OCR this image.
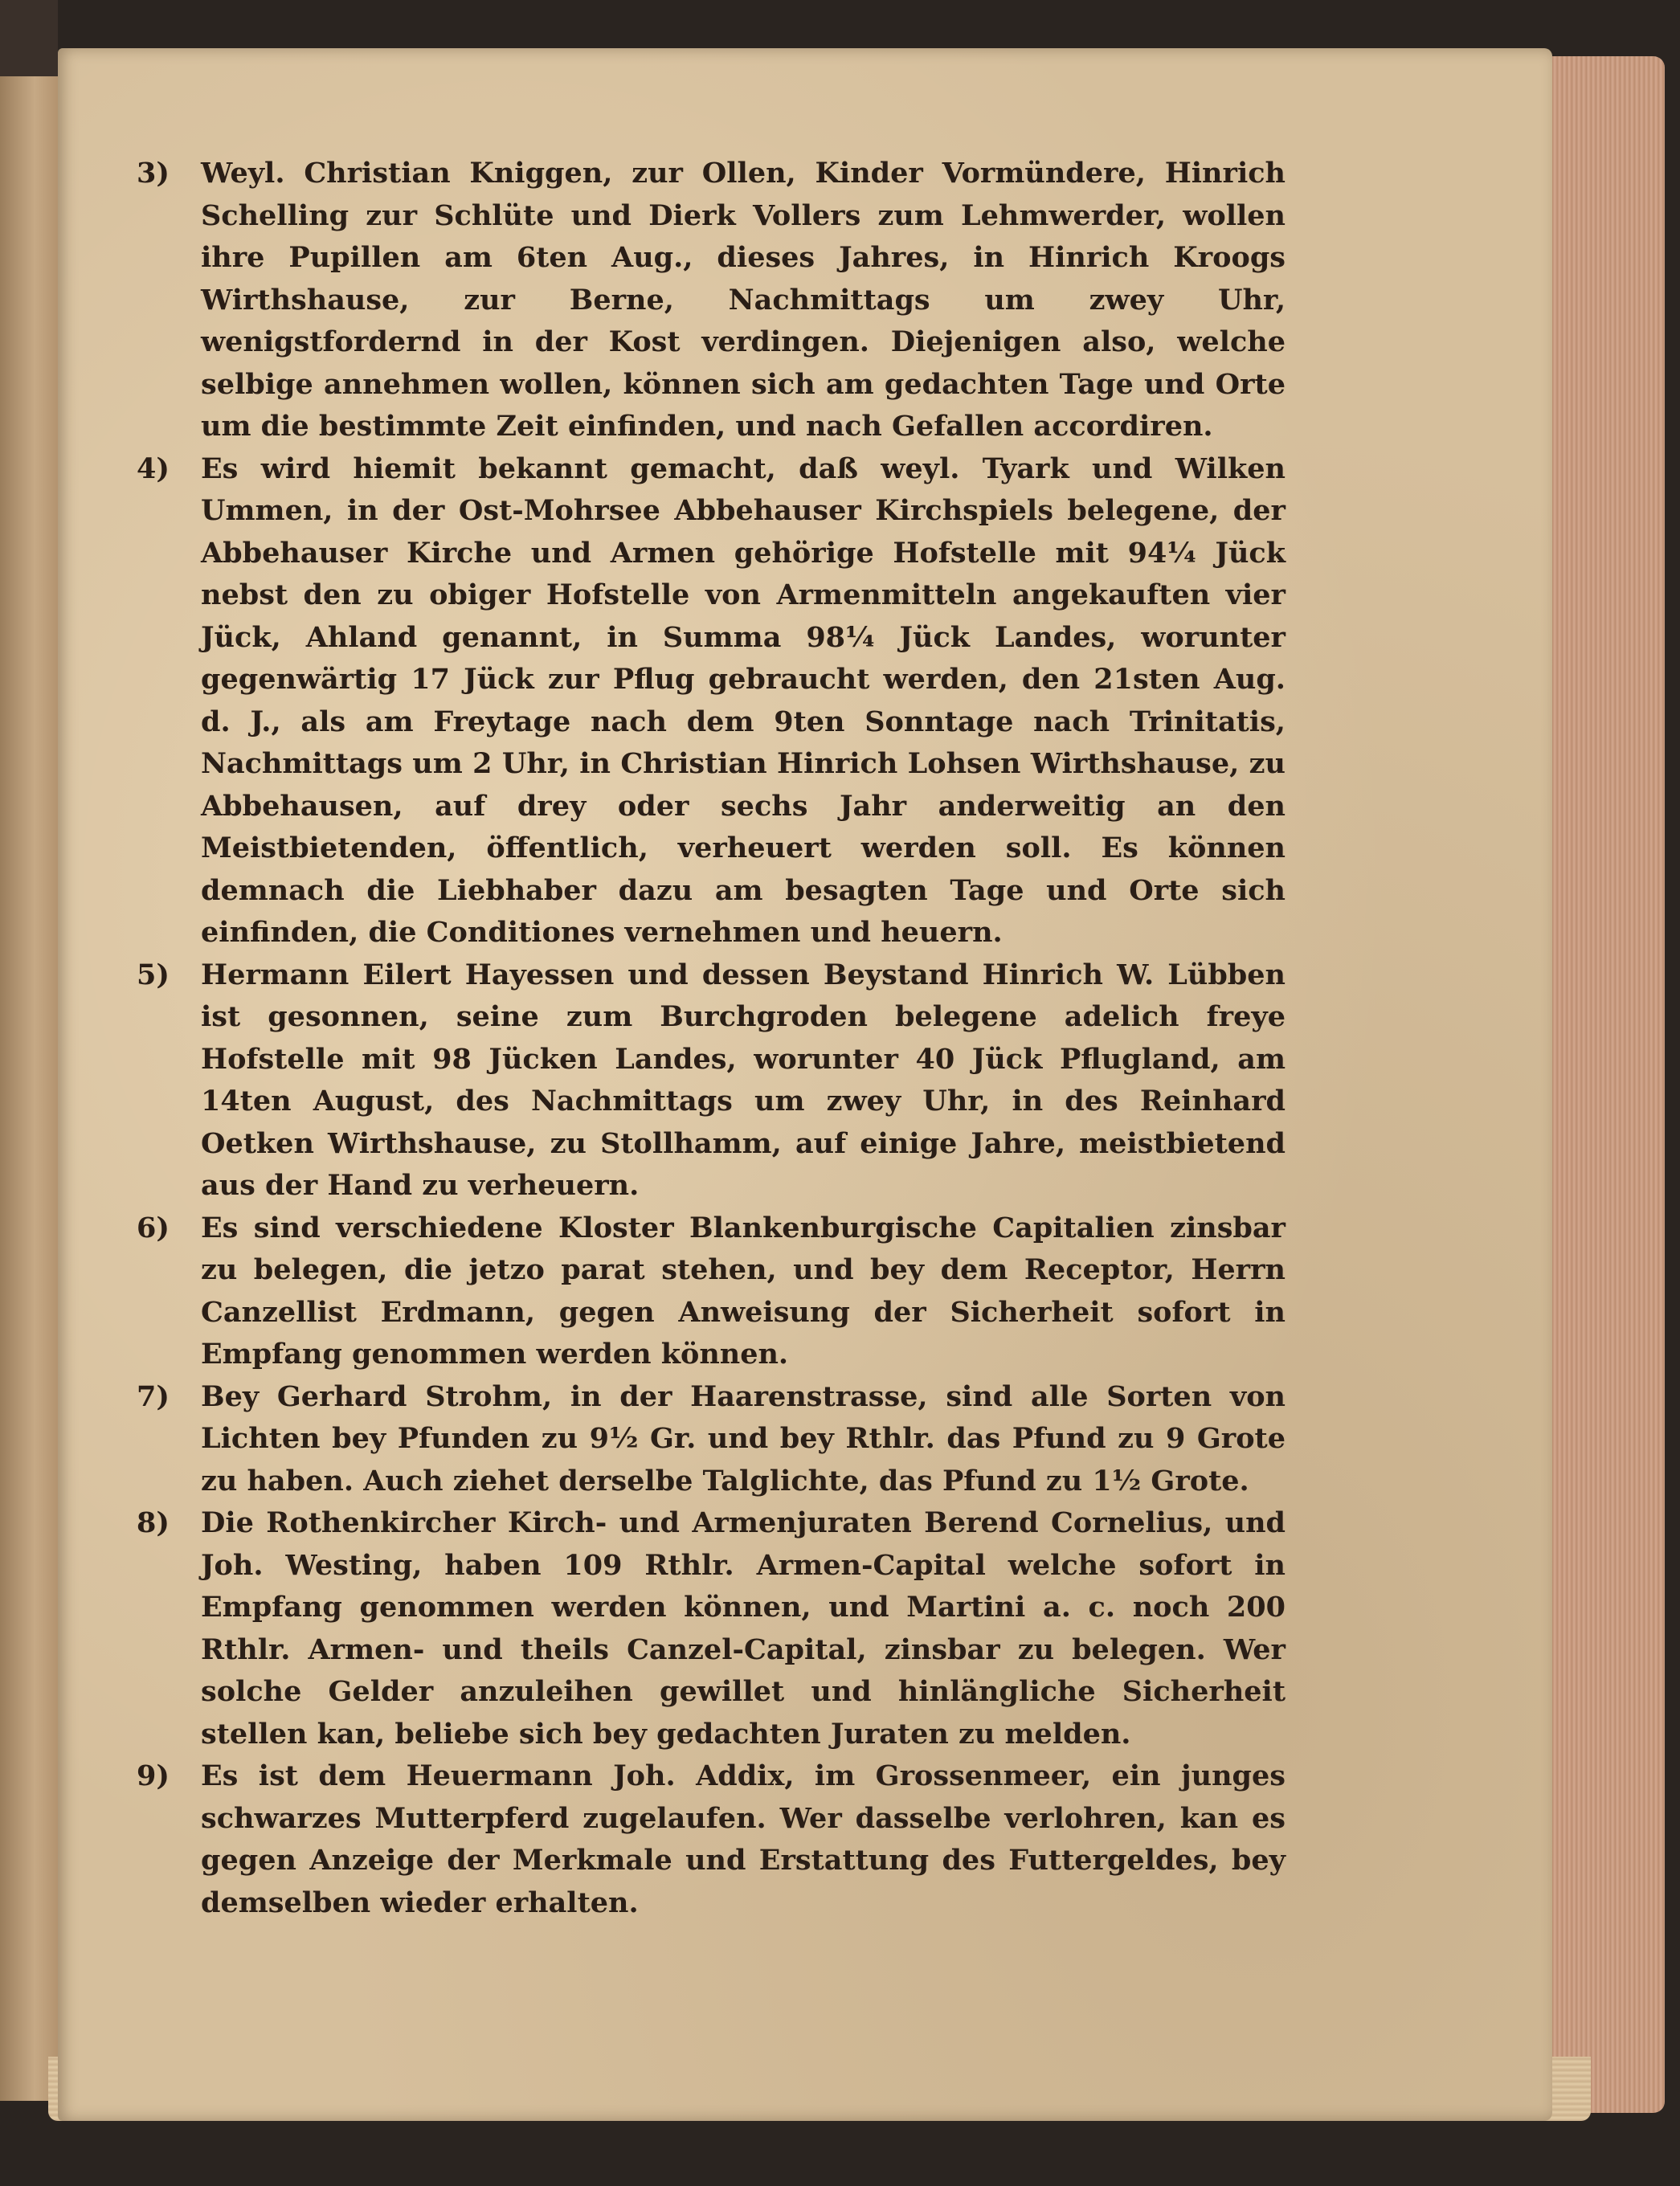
3)	Weyl. Christian Kniggen, zur Ollen, Kinder Vormündere, Hinrich Schelling zur Schlüte und Dierk Vollers zum Lehmwerder, wollen ihre Pupillen am 6ten Aug., dieses Jahres, in Hinrich Kroogs Wirthshause, zur Berne, Nachmittags um zwey Uhr, wenigstfordernd in der Kost verdingen. Diejenigen also, welche selbige annehmen wollen, können sich am gedachten Tage und Orte um die bestimmte Zeit einfinden, und nach Gefallen accordiren.
4)	Es wird hiemit bekannt gemacht, daß weyl. Tyark und Wilken Ummen, in der Ost-Mohrsee Abbehauser Kirchspiels belegene, der Abbehauser Kirche und Armen gehörige Hofstelle mit 94¼ Jück nebst den zu obiger Hofstelle von Armenmitteln angekauften vier Jück, Ahland genannt, in Summa 98¼ Jück Landes, worunter gegenwärtig 17 Jück zur Pflug gebraucht werden, den 21sten Aug. d. J., als am Freytage nach dem 9ten Sonntage nach Trinitatis, Nachmittags um 2 Uhr, in Christian Hinrich Lohsen Wirthshause, zu Abbehausen, auf drey oder sechs Jahr anderweitig an den Meistbietenden, öffentlich, verheuert werden soll. Es können demnach die Liebhaber dazu am besagten Tage und Orte sich einfinden, die Conditiones vernehmen und heuern.
5)	Hermann Eilert Hayessen und dessen Beystand Hinrich W. Lübben ist gesonnen, seine zum Burchgroden belegene adelich freye Hofstelle mit 98 Jücken Landes, worunter 40 Jück Pflugland, am 14ten August, des Nachmittags um zwey Uhr, in des Reinhard Oetken Wirthshause, zu Stollhamm, auf einige Jahre, meistbietend aus der Hand zu verheuern.
6)	Es sind verschiedene Kloster Blankenburgische Capitalien zinsbar zu belegen, die jetzo parat stehen, und bey dem Receptor, Herrn Canzellist Erdmann, gegen Anweisung der Sicherheit sofort in Empfang genommen werden können.
7)	Bey Gerhard Strohm, in der Haarenstrasse, sind alle Sorten von Lichten bey Pfunden zu 9½ Gr. und bey Rthlr. das Pfund zu 9 Grote zu haben. Auch ziehet derselbe Talglichte, das Pfund zu 1½ Grote.
8)	Die Rothenkircher Kirch- und Armenjuraten Berend Cornelius, und Joh. Westing, haben 109 Rthlr. Armen-Capital welche sofort in Empfang genommen werden können, und Martini a. c. noch 200 Rthlr. Armen- und theils Canzel-Capital, zinsbar zu belegen. Wer solche Gelder anzuleihen gewillet und hinlängliche Sicherheit stellen kan, beliebe sich bey gedachten Juraten zu melden.
9)	Es ist dem Heuermann Joh. Addix, im Grossenmeer, ein junges schwarzes Mutterpferd zugelaufen. Wer dasselbe verlohren, kan es gegen Anzeige der Merkmale und Erstattung des Futtergeldes, bey demselben wieder erhalten.
